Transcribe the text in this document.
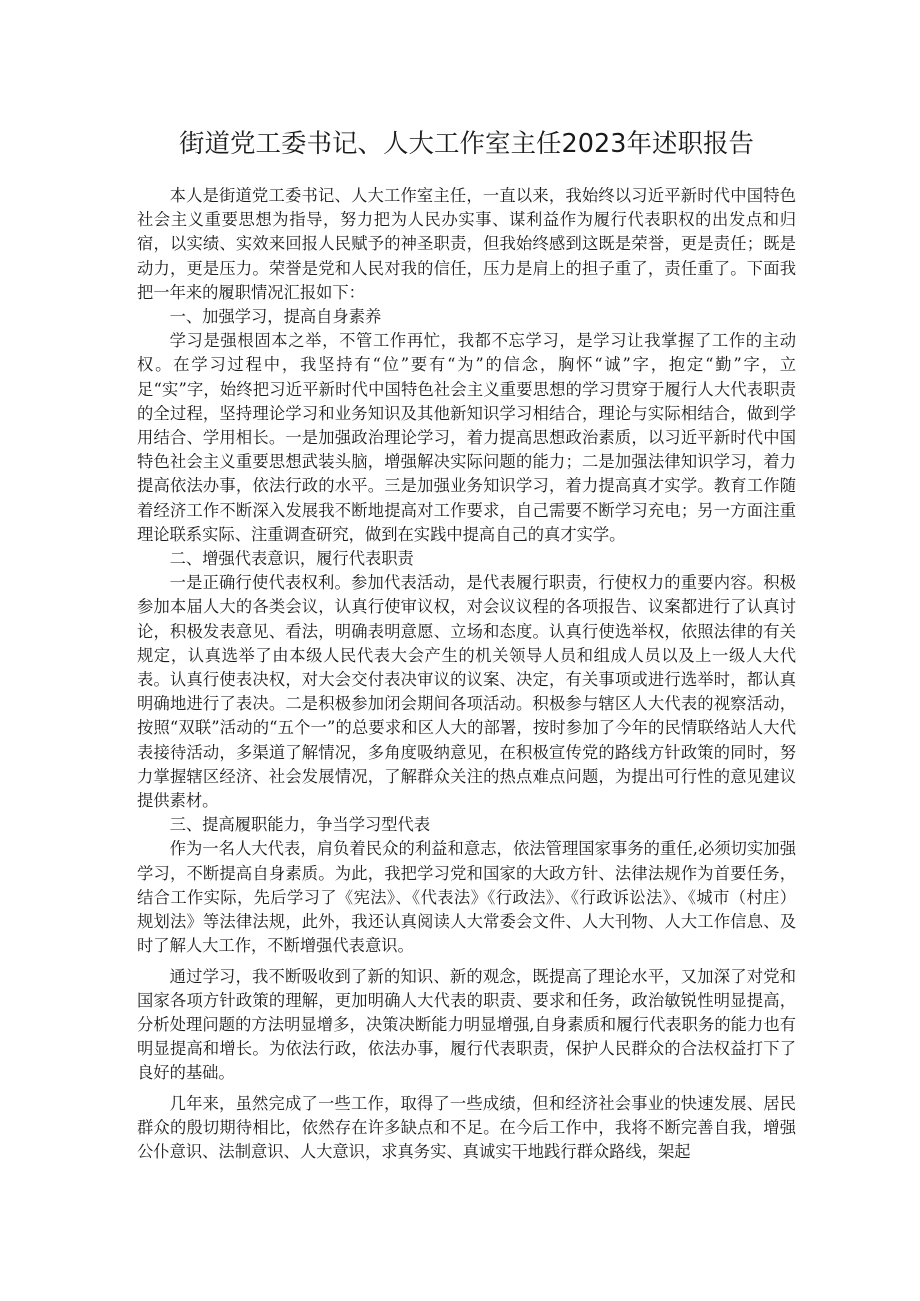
街道党工委书记、人大工作室主任2023年述职报告

本人是街道党工委书记、人大工作室主任，一直以来，我始终以习近平新时代中国特色社会主义重要思想为指导，努力把为人民办实事、谋利益作为履行代表职权的出发点和归宿，以实绩、实效来回报人民赋予的神圣职责，但我始终感到这既是荣誉，更是责任；既是动力，更是压力。荣誉是党和人民对我的信任，压力是肩上的担子重了，责任重了。下面我把一年来的履职情况汇报如下：

一、加强学习，提高自身素养

学习是强根固本之举，不管工作再忙，我都不忘学习，是学习让我掌握了工作的主动权。在学习过程中，我坚持有“位”要有“为”的信念，胸怀“诚”字，抱定“勤”字，立足“实”字，始终把习近平新时代中国特色社会主义重要思想的学习贯穿于履行人大代表职责的全过程，坚持理论学习和业务知识及其他新知识学习相结合，理论与实际相结合，做到学用结合、学用相长。一是加强政治理论学习，着力提高思想政治素质，以习近平新时代中国特色社会主义重要思想武装头脑，增强解决实际问题的能力；二是加强法律知识学习，着力提高依法办事，依法行政的水平。三是加强业务知识学习，着力提高真才实学。教育工作随着经济工作不断深入发展我不断地提高对工作要求，自己需要不断学习充电；另一方面注重理论联系实际、注重调查研究，做到在实践中提高自己的真才实学。

二、增强代表意识，履行代表职责

一是正确行使代表权利。参加代表活动，是代表履行职责，行使权力的重要内容。积极参加本届人大的各类会议，认真行使审议权，对会议议程的各项报告、议案都进行了认真讨论，积极发表意见、看法，明确表明意愿、立场和态度。认真行使选举权，依照法律的有关规定，认真选举了由本级人民代表大会产生的机关领导人员和组成人员以及上一级人大代表。认真行使表决权，对大会交付表决审议的议案、决定，有关事项或进行选举时，都认真明确地进行了表决。二是积极参加闭会期间各项活动。积极参与辖区人大代表的视察活动，按照“双联”活动的“五个一”的总要求和区人大的部署，按时参加了今年的民情联络站人大代表接待活动，多渠道了解情况，多角度吸纳意见，在积极宣传党的路线方针政策的同时，努力掌握辖区经济、社会发展情况，了解群众关注的热点难点问题，为提出可行性的意见建议提供素材。

三、提高履职能力，争当学习型代表

作为一名人大代表，肩负着民众的利益和意志，依法管理国家事务的重任,必须切实加强学习，不断提高自身素质。为此，我把学习党和国家的大政方针、法律法规作为首要任务，结合工作实际，先后学习了《宪法》、《代表法》《行政法》、《行政诉讼法》、《城市（村庄）规划法》等法律法规，此外，我还认真阅读人大常委会文件、人大刊物、人大工作信息、及时了解人大工作，不断增强代表意识。

通过学习，我不断吸收到了新的知识、新的观念，既提高了理论水平，又加深了对党和国家各项方针政策的理解，更加明确人大代表的职责、要求和任务，政治敏锐性明显提高，分析处理问题的方法明显增多，决策决断能力明显增强,自身素质和履行代表职务的能力也有明显提高和增长。为依法行政，依法办事，履行代表职责，保护人民群众的合法权益打下了良好的基础。

几年来，虽然完成了一些工作，取得了一些成绩，但和经济社会事业的快速发展、居民群众的殷切期待相比，依然存在许多缺点和不足。在今后工作中，我将不断完善自我，增强公仆意识、法制意识、人大意识，求真务实、真诚实干地践行群众路线，架起
